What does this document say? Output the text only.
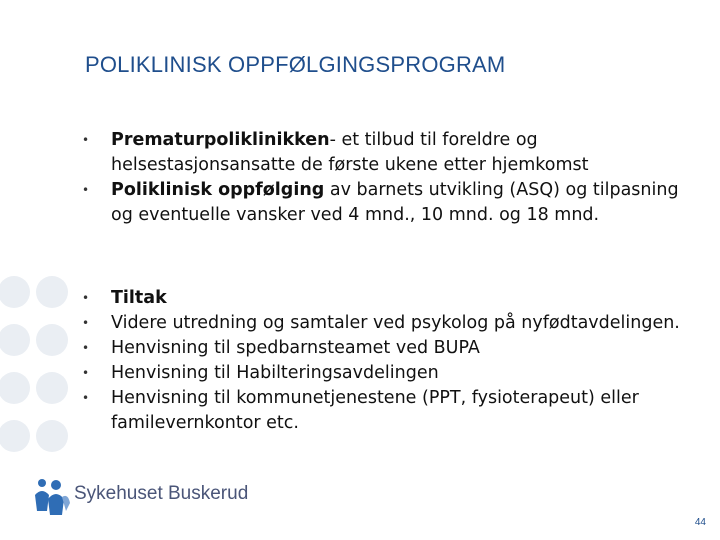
POLIKLINISK OPPFØLGINGSPROGRAM
• Prematurpoliklinikken- et tilbud til foreldre og helsestasjonsansatte de første ukene etter hjemkomst
• Poliklinisk oppfølging av barnets utvikling (ASQ) og tilpasning og eventuelle vansker ved 4 mnd., 10 mnd. og 18 mnd.
• Tiltak
• Videre utredning og samtaler ved psykolog på nyfødtavdelingen.
• Henvisning til spedbarnsteamet ved BUPA
• Henvisning til Habilteringsavdelingen
• Henvisning til kommunetjenestene (PPT, fysioterapeut) eller familevernkontor etc.
Sykehuset Buskerud
44
